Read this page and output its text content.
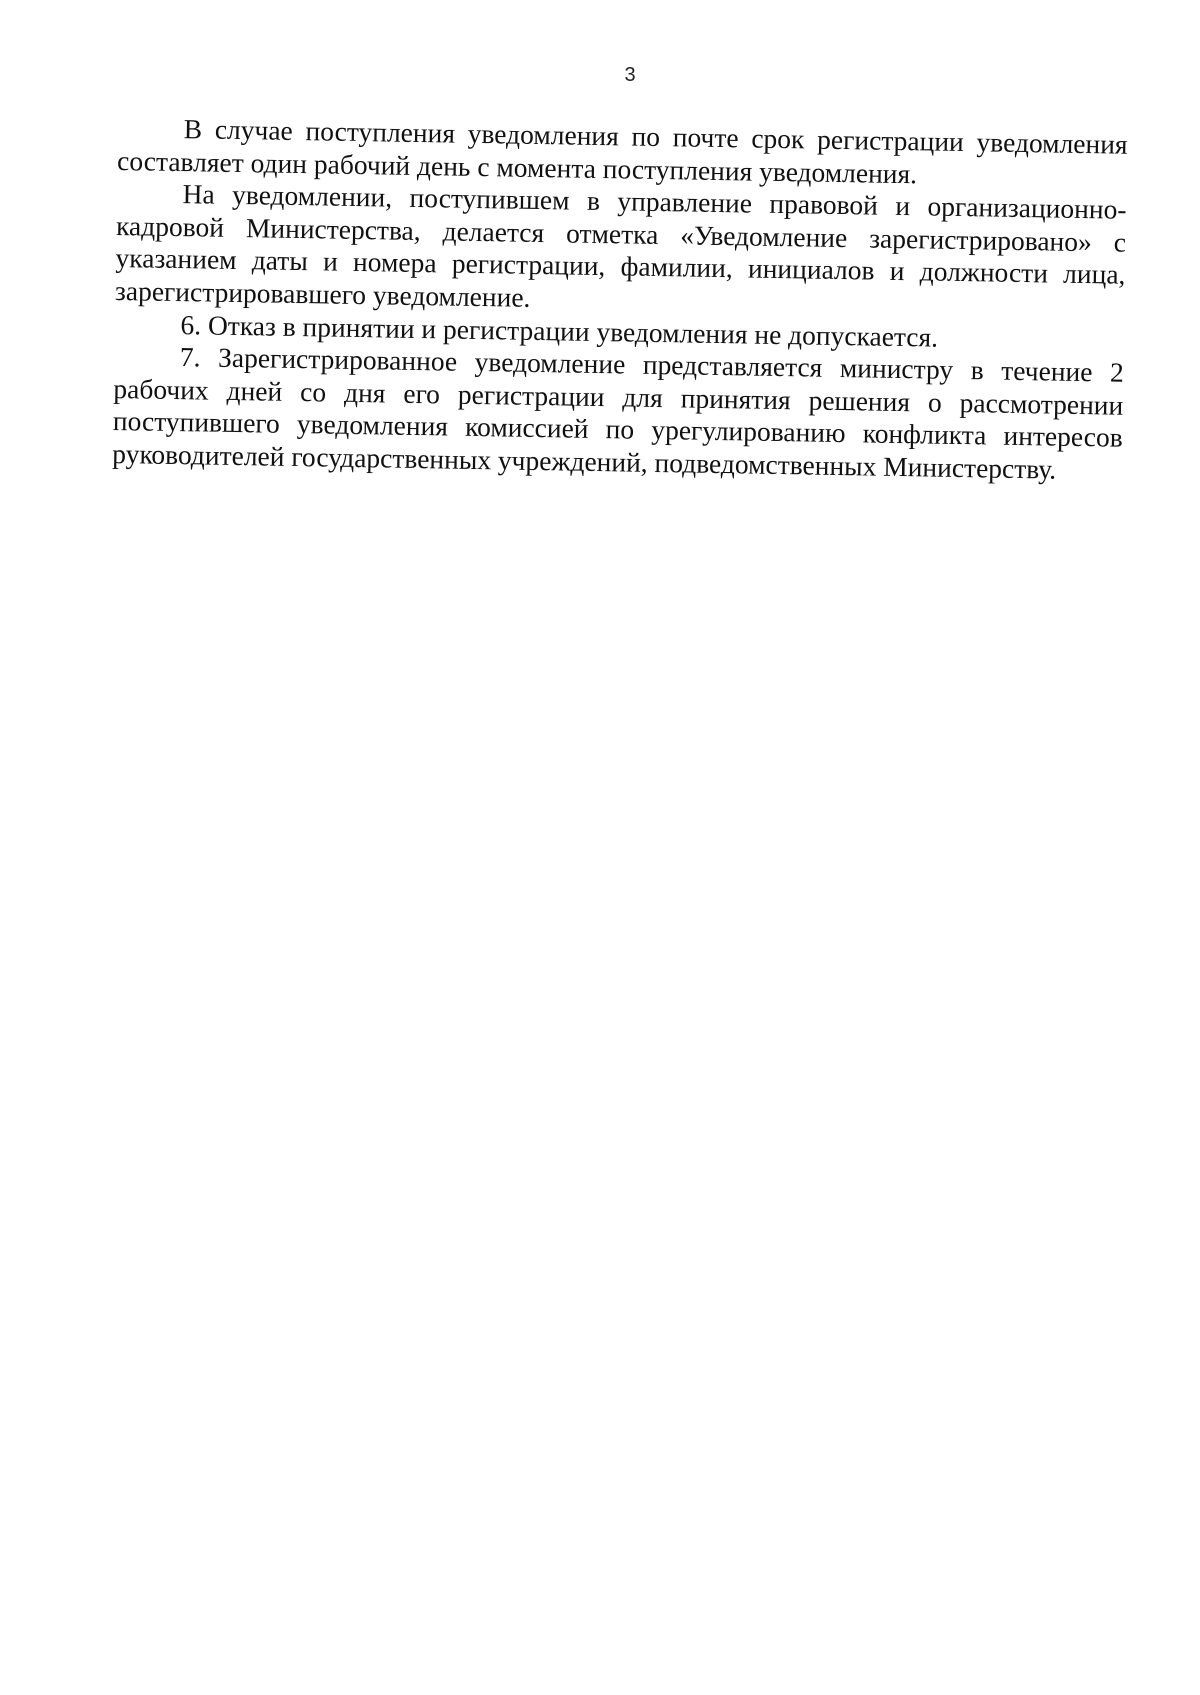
3

В случае поступления уведомления по почте срок регистрации уведомления составляет один рабочий день с момента поступления уведомления.

На уведомлении, поступившем в управление правовой и организационно-кадровой Министерства, делается отметка «Уведомление зарегистрировано» с указанием даты и номера регистрации, фамилии, инициалов и должности лица, зарегистрировавшего уведомление.

6. Отказ в принятии и регистрации уведомления не допускается.

7. Зарегистрированное уведомление представляется министру в течение 2 рабочих дней со дня его регистрации для принятия решения о рассмотрении поступившего уведомления комиссией по урегулированию конфликта интересов руководителей государственных учреждений, подведомственных Министерству.
